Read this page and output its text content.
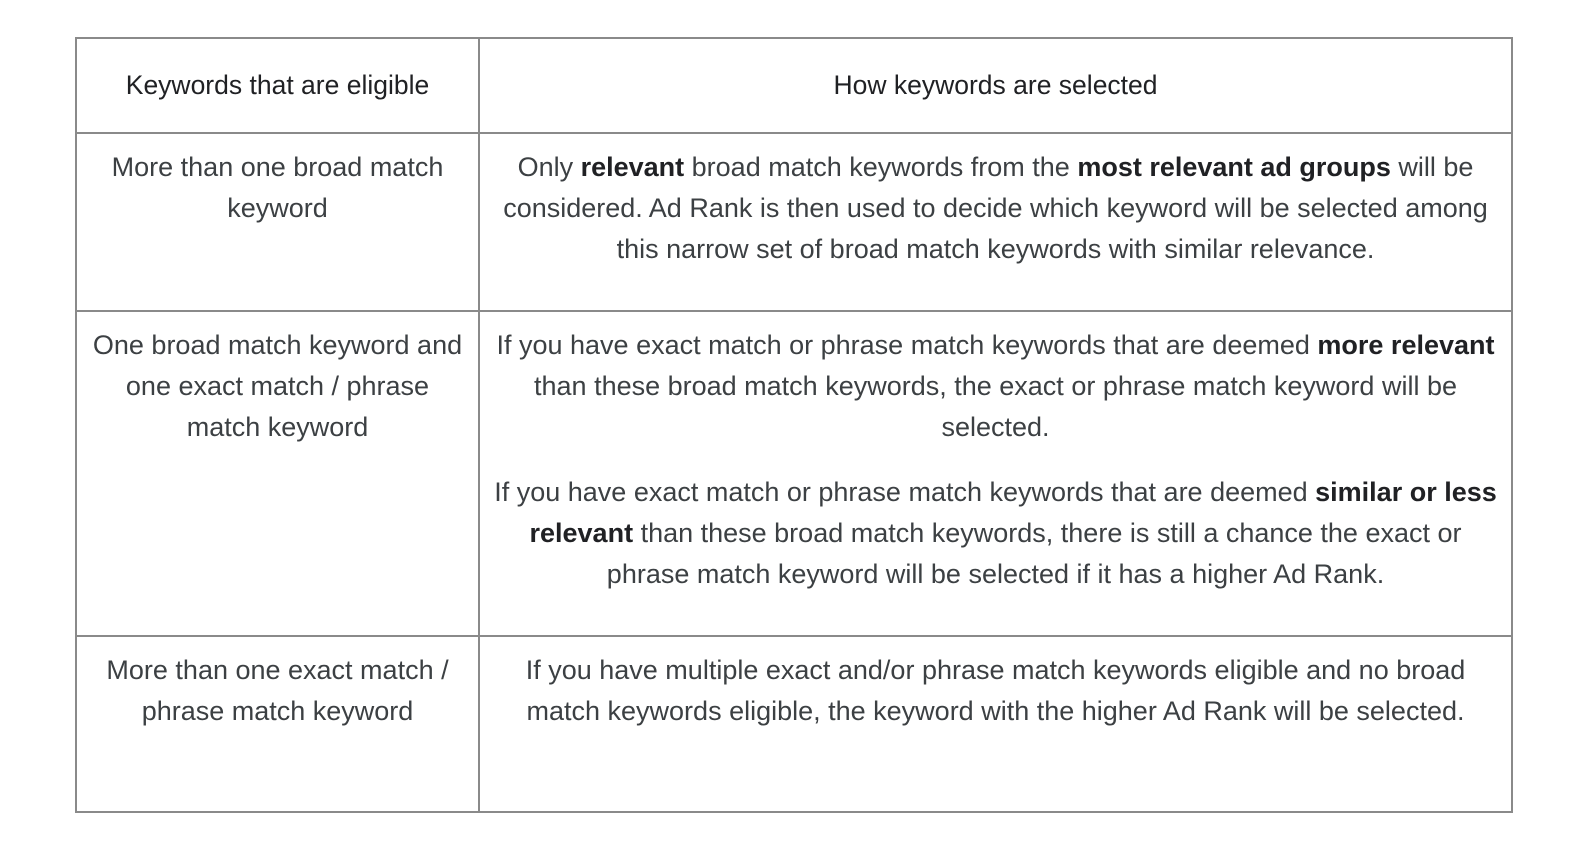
Keywords that are eligible	How keywords are selected
More than one broad match keyword	Only relevant broad match keywords from the most relevant ad groups will be considered. Ad Rank is then used to decide which keyword will be selected among this narrow set of broad match keywords with similar relevance.

One broad match keyword and one exact match / phrase match keyword	If you have exact match or phrase match keywords that are deemed more relevant than these broad match keywords, the exact or phrase match keyword will be selected.

If you have exact match or phrase match keywords that are deemed similar or less relevant than these broad match keywords, there is still a chance the exact or phrase match keyword will be selected if it has a higher Ad Rank.

More than one exact match / phrase match keyword	If you have multiple exact and/or phrase match keywords eligible and no broad match keywords eligible, the keyword with the higher Ad Rank will be selected.
